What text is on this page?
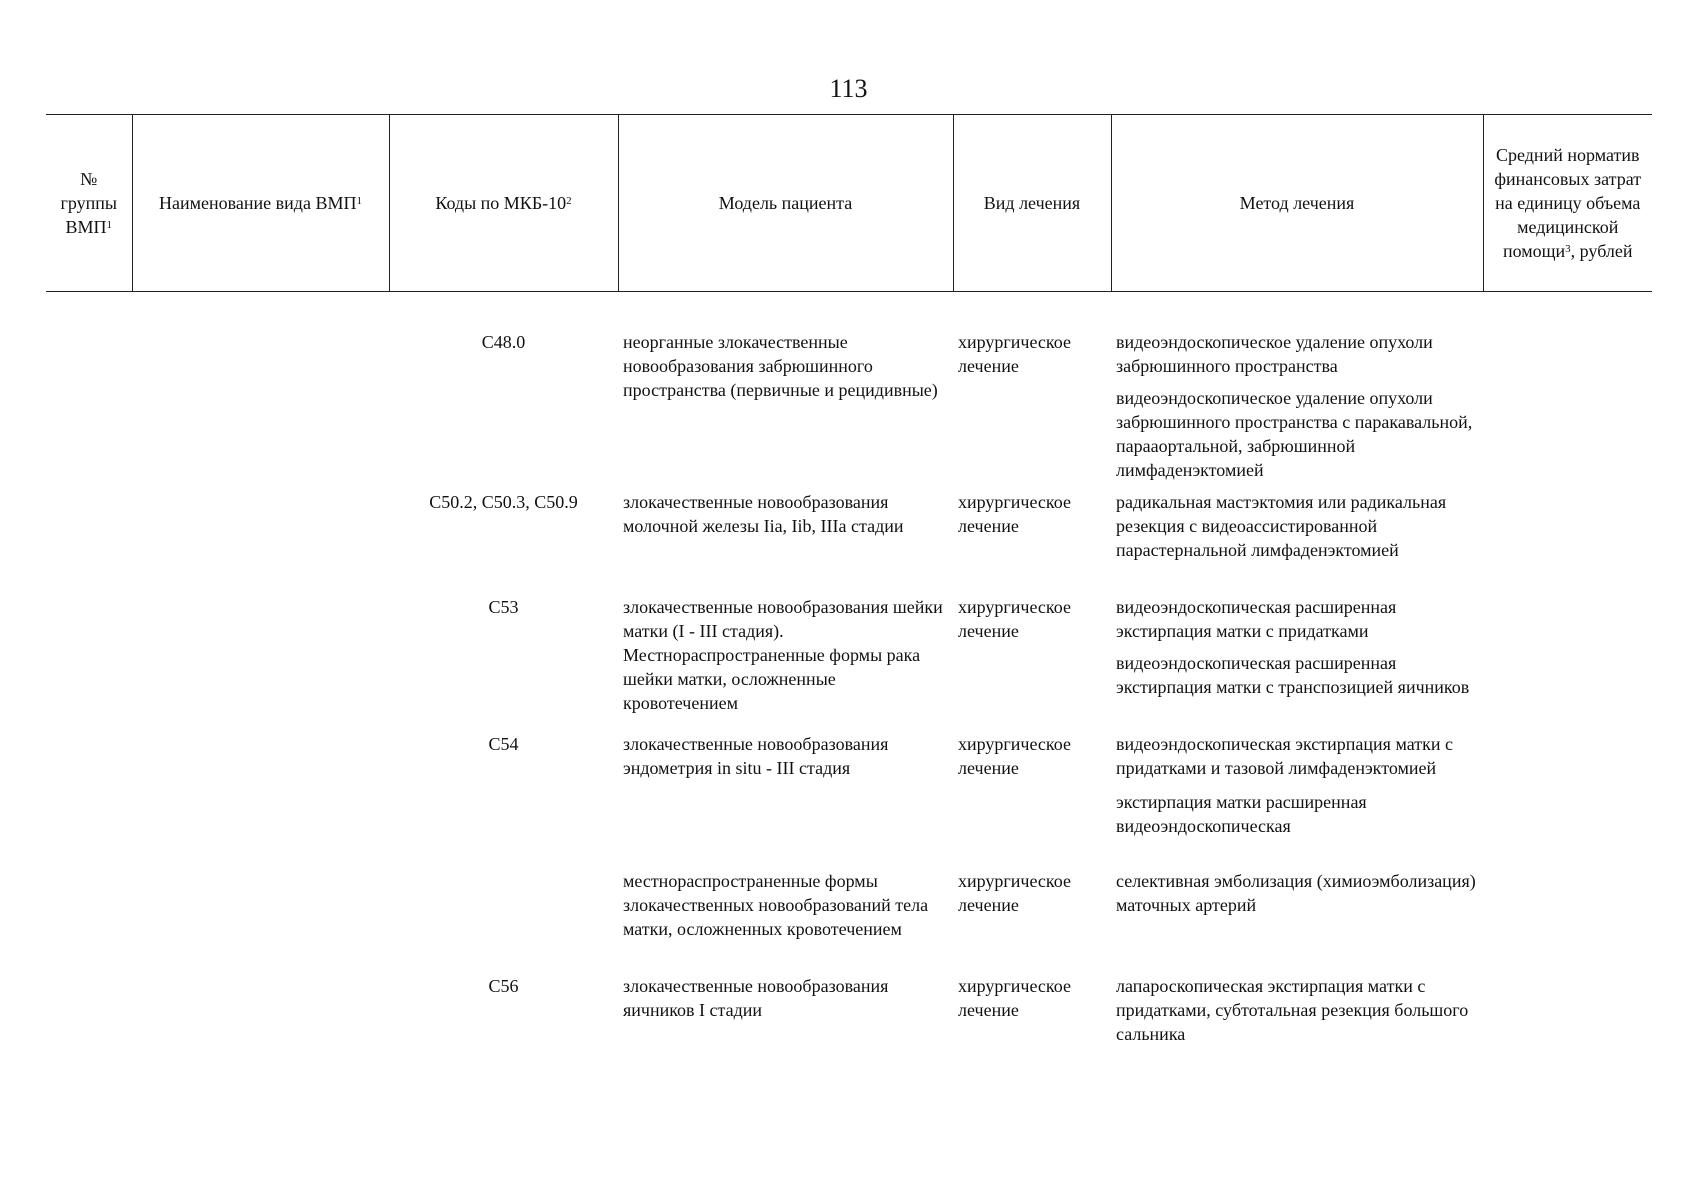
113
№ группы ВМП$^1$	Наименование вида ВМП$^1$	Коды по МКБ-$10^2$	Модель пациента	Вид лечения	Метод лечения	Средний норматив финансовых затрат на единицу объема медицинской помощи$^3$, рублей

		C48.0	неорганные злокачественные новообразования забрюшинного пространства (первичные и рецидивные)	хирургическое лечение	видеоэндоскопическое удаление опухоли забрюшинного пространства
видеоэндоскопическое удаление опухоли забрюшинного пространства с паракавальной, парааортальной, забрюшинной лимфаденэктомией	

		C50.2, C50.3, C50.9	злокачественные новообразования молочной железы Iia, Iib, IIIa стадии	хирургическое лечение	радикальная мастэктомия или радикальная резекция с видеоассистированной парастернальной лимфаденэктомией	

		C53	злокачественные новообразования шейки матки (I - III стадия). Местнораспространенные формы рака шейки матки, осложненные кровотечением	хирургическое лечение	видеоэндоскопическая расширенная экстирпация матки с придатками
видеоэндоскопическая расширенная экстирпация матки с транспозицией яичников	

		C54	злокачественные новообразования эндометрия in situ - III стадия	хирургическое лечение	видеоэндоскопическая экстирпация матки с придатками и тазовой лимфаденэктомией
экстирпация матки расширенная видеоэндоскопическая	

			местнораспространенные формы злокачественных новообразований тела матки, осложненных кровотечением	хирургическое лечение	селективная эмболизация (химиоэмболизация) маточных артерий	

		C56	злокачественные новообразования яичников I стадии	хирургическое лечение	лапароскопическая экстирпация матки с придатками, субтотальная резекция большого сальника	
